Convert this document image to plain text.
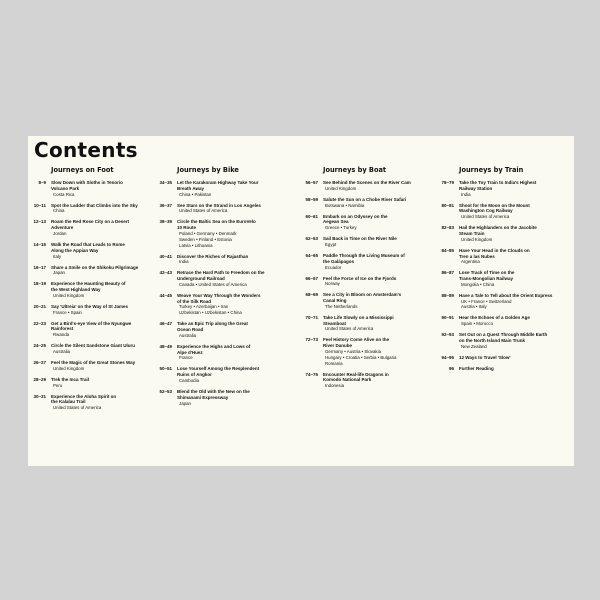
Contents
Journeys on Foot
8–9 Slow Down with Sloths in Tenorio
Volcano Park
Costa Rica
10–11 Spot the Ladder that Climbs into the Sky
China
12–13 Roam the Red Rose City on a Desert
Adventure
Jordan
14–15 Walk the Road that Leads to Rome
Along the Appian Way
Italy
16–17 Share a Smile on the Shikoku Pilgrimage
Japan
18–19 Experience the Haunting Beauty of
the West Highland Way
United Kingdom
20–21 Say 'Ultreia' on the Way of St James
France • Spain
22–23 Get a Bird's-eye View of the Nyungwe
Rainforest
Rwanda
24–25 Circle the Silent Sandstone Giant Uluru
Australia
26–27 Feel the Magic of the Great Stones Way
United Kingdom
28–29 Trek the Inca Trail
Peru
30–31 Experience the Aloha Spirit on
the Kalalau Trail
United States of America
Journeys by Bike
34–35 Let the Karakoram Highway Take Your
Breath Away
China • Pakistan
36–37 See Stars on the Strand in Los Angeles
United States of America
38–39 Circle the Baltic Sea on the EuroVelo
10 Route
Poland • Germany • Denmark
Sweden • Finland • Estonia
Latvia • Lithuania
40–41 Discover the Riches of Rajasthan
India
42–43 Retrace the Hard Path to Freedom on the
Underground Railroad
Canada • United States of America
44–45 Weave Your Way Through the Wonders
of the Silk Road
Turkey • Azerbaijan • Iran
Uzbekistan • Uzbekistan • China
46–47 Take an Epic Trip along the Great
Ocean Road
Australia
48–49 Experience the Highs and Lows of
Alpe d'Huez
France
50–51 Lose Yourself Among the Resplendent
Ruins of Angkor
Cambodia
52–53 Blend the Old with the New on the
Shimanami Expressway
Japan
Journeys by Boat
56–57 See Behind the Scenes on the River Cam
United Kingdom
58–59 Salute the Sun on a Chobe River Safari
Botswana • Namibia
60–61 Embark on an Odyssey on the
Aegean Sea
Greece • Turkey
62–63 Sail Back in Time on the River Nile
Egypt
64–65 Paddle Through the Living Museum of
the Galápagos
Ecuador
66–67 Feel the Force of Ice on the Fjords
Norway
68–69 See a City in Bloom on Amsterdam's
Canal Ring
The Netherlands
70–71 Take Life Slowly on a Mississippi
Steamboat
United States of America
72–73 Feel History Come Alive on the
River Danube
Germany • Austria • Slovakia
Hungary • Croatia • Serbia • Bulgaria
Romania
74–75 Encounter Real-life Dragons in
Komodo National Park
Indonesia
Journeys by Train
78–79 Take the Toy Train to India's Highest
Railway Station
India
80–81 Shoot for the Moon on the Mount
Washington Cog Railway
United States of America
82–83 Hail the Highlanders on the Jacobite
Steam Train
United Kingdom
84–85 Have Your Head in the Clouds on
Tren a las Nubes
Argentina
86–87 Lose Track of Time on the
Trans-Mongolian Railway
Mongolia • China
88–89 Have a Tale to Tell about the Orient Express
UK • France • Switzerland
Austria • Italy
90–91 Hear the Echoes of a Golden Age
Spain • Morocco
92–93 Set Out on a Quest Through Middle Earth
on the North Island Main Trunk
New Zealand
94–95 12 Ways to Travel 'Slow'
96 Further Reading
